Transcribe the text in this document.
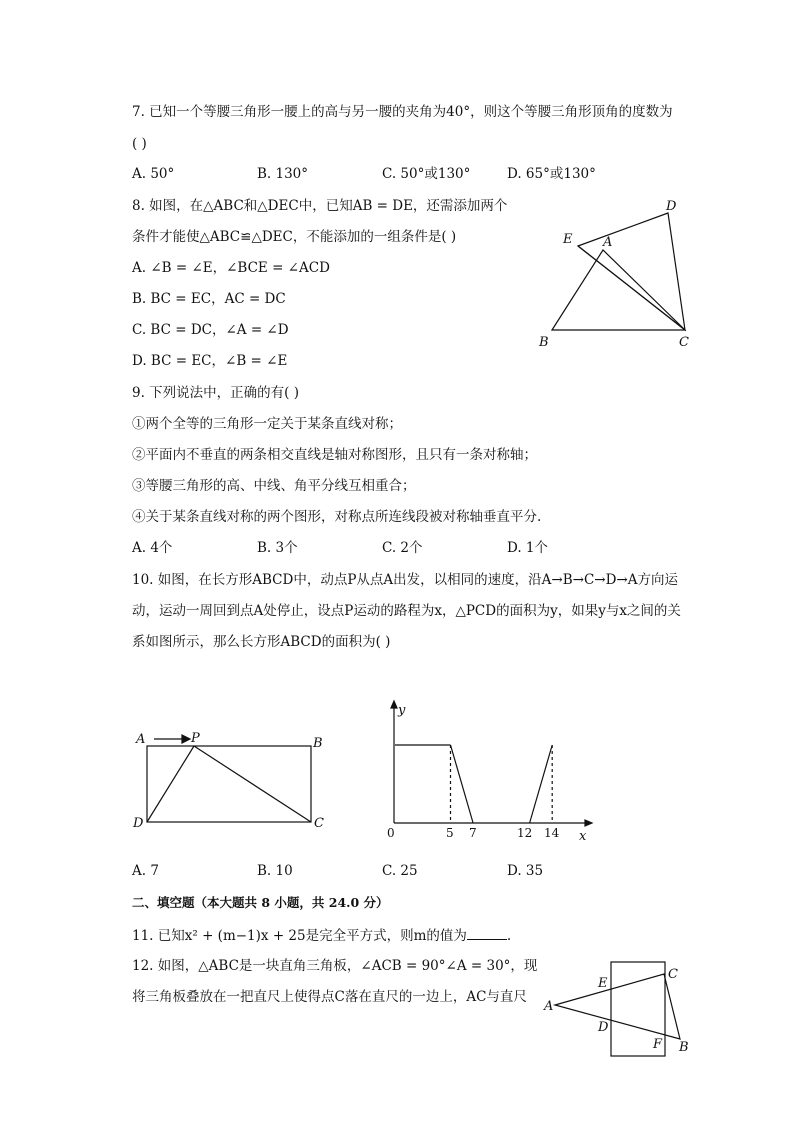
7. 已知一个等腰三角形一腰上的高与另一腰的夹角为40°，则这个等腰三角形顶角的度数为
( )
A. 50°	B. 130°	C. 50°或130°	D. 65°或130°
8. 如图，在△ABC和△DEC中，已知AB = DE，还需添加两个
条件才能使△ABC≌△DEC，不能添加的一组条件是( )
A. ∠B = ∠E，∠BCE = ∠ACD
B. BC = EC，AC = DC
C. BC = DC，∠A = ∠D
D. BC = EC，∠B = ∠E
D
E A
B	C
9. 下列说法中，正确的有( )
①两个全等的三角形一定关于某条直线对称；
②平面内不垂直的两条相交直线是轴对称图形，且只有一条对称轴；
③等腰三角形的高、中线、角平分线互相重合；
④关于某条直线对称的两个图形，对称点所连线段被对称轴垂直平分.
A. 4个	B. 3个	C. 2个	D. 1个
10. 如图，在长方形ABCD中，动点P从点A出发，以相同的速度，沿A→B→C→D→A方向运
动，运动一周回到点A处停止，设点P运动的路程为x，△PCD的面积为y，如果y与x之间的关
系如图所示，那么长方形ABCD的面积为( )
A	P	B
D	C
y
x
0	5 7	12 14
A. 7	B. 10	C. 25	D. 35
二、填空题（本大题共 8 小题，共 24.0 分）
11. 已知x² + (m−1)x + 25是完全平方式，则m的值为	.
12. 如图，△ABC是一块直角三角板，∠ACB = 90°∠A = 30°，现
将三角板叠放在一把直尺上使得点C落在直尺的一边上，AC与直尺
C
E
A
D
F B
